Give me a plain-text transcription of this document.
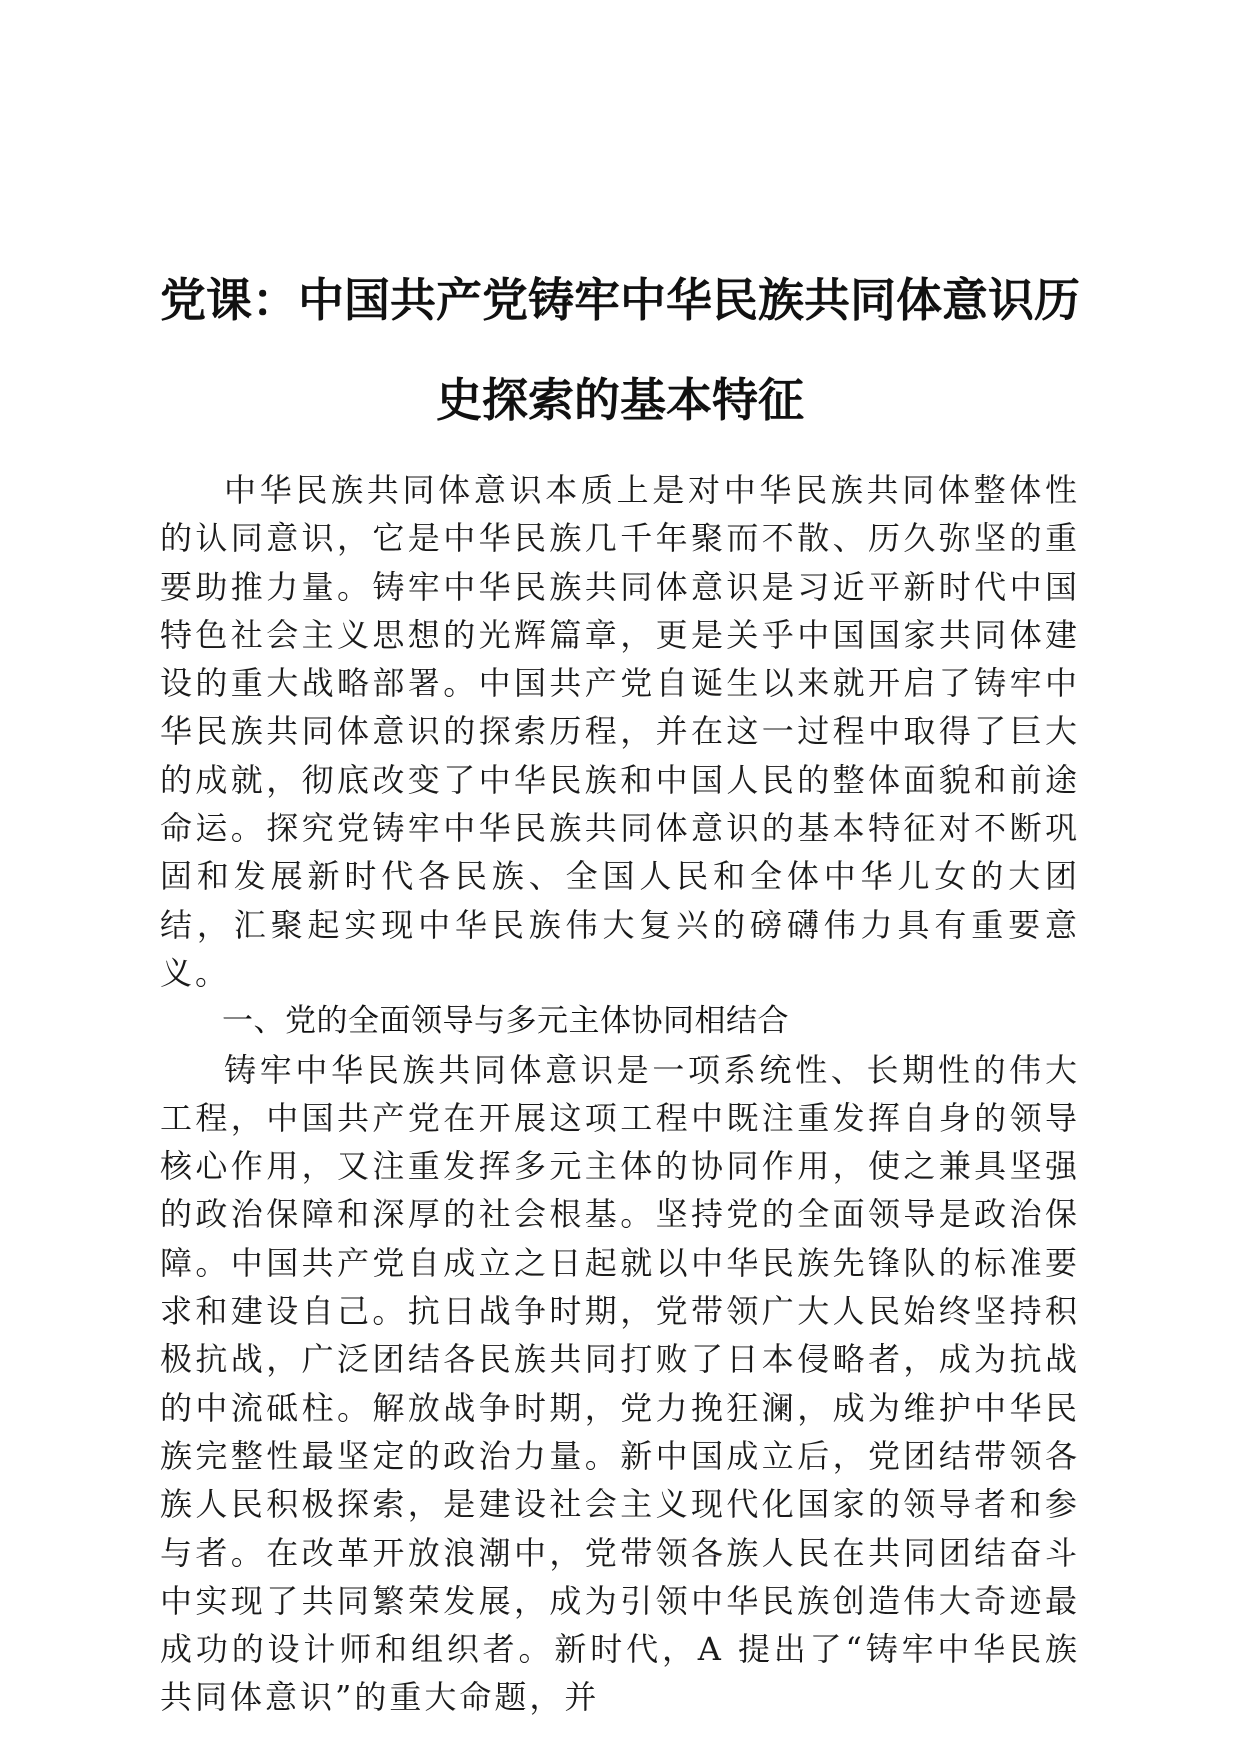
党课：中国共产党铸牢中华民族共同体意识历史探索的基本特征

中华民族共同体意识本质上是对中华民族共同体整体性的认同意识，它是中华民族几千年聚而不散、历久弥坚的重要助推力量。铸牢中华民族共同体意识是习近平新时代中国特色社会主义思想的光辉篇章，更是关乎中国国家共同体建设的重大战略部署。中国共产党自诞生以来就开启了铸牢中华民族共同体意识的探索历程，并在这一过程中取得了巨大的成就，彻底改变了中华民族和中国人民的整体面貌和前途命运。探究党铸牢中华民族共同体意识的基本特征对不断巩固和发展新时代各民族、全国人民和全体中华儿女的大团结，汇聚起实现中华民族伟大复兴的磅礴伟力具有重要意义。

一、党的全面领导与多元主体协同相结合

铸牢中华民族共同体意识是一项系统性、长期性的伟大工程，中国共产党在开展这项工程中既注重发挥自身的领导核心作用，又注重发挥多元主体的协同作用，使之兼具坚强的政治保障和深厚的社会根基。坚持党的全面领导是政治保障。中国共产党自成立之日起就以中华民族先锋队的标准要求和建设自己。抗日战争时期，党带领广大人民始终坚持积极抗战，广泛团结各民族共同打败了日本侵略者，成为抗战的中流砥柱。解放战争时期，党力挽狂澜，成为维护中华民族完整性最坚定的政治力量。新中国成立后，党团结带领各族人民积极探索，是建设社会主义现代化国家的领导者和参与者。在改革开放浪潮中，党带领各族人民在共同团结奋斗中实现了共同繁荣发展，成为引领中华民族创造伟大奇迹最成功的设计师和组织者。新时代，A 提出了“铸牢中华民族共同体意识”的重大命题，并
